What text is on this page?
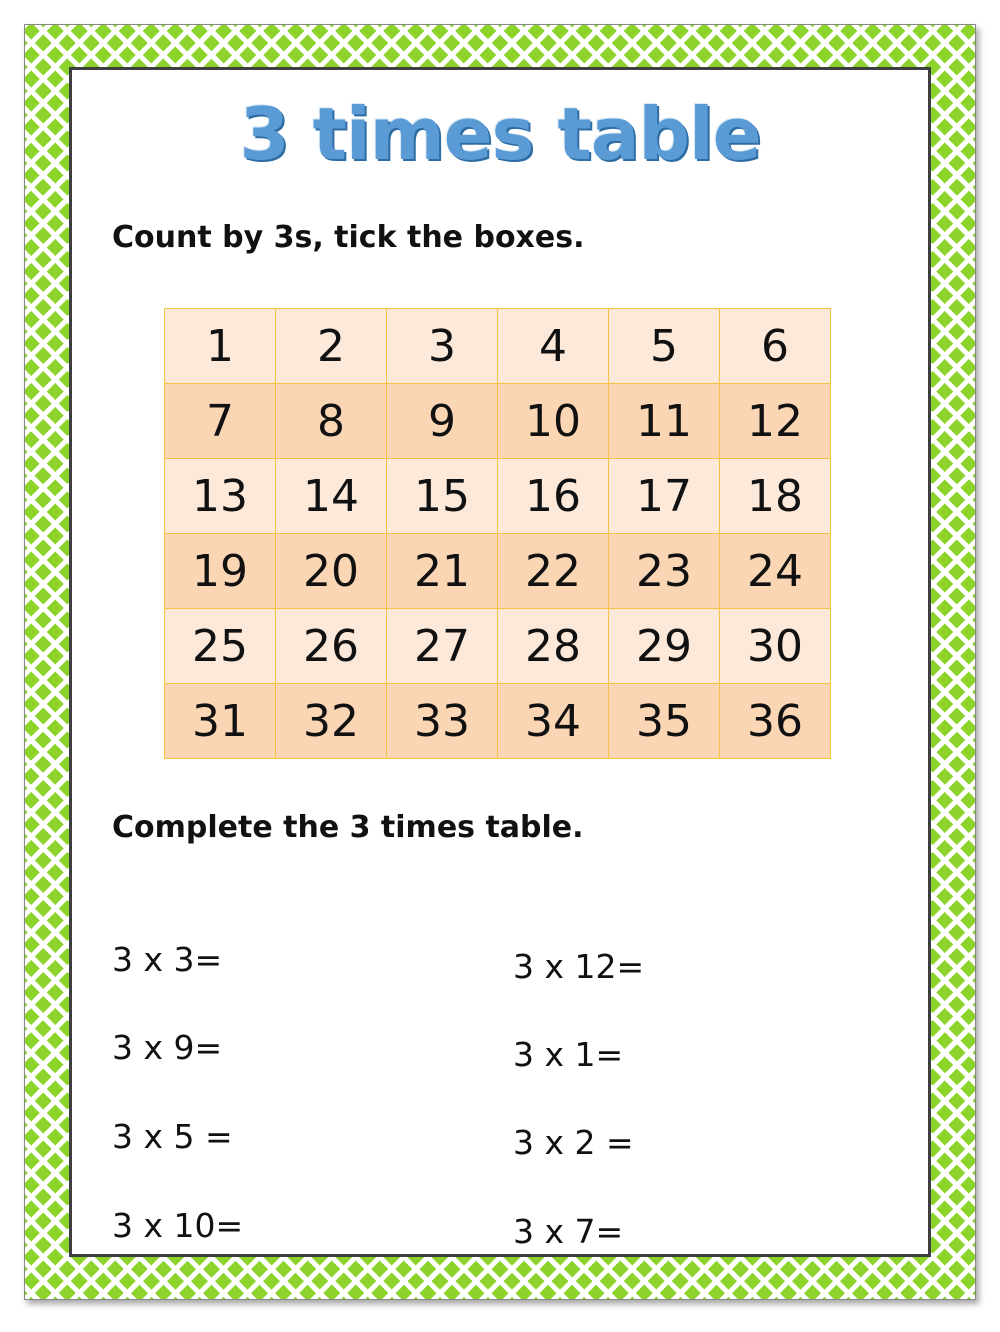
3 times table

Count by 3s, tick the boxes.

1	2	3	4	5	6
7	8	9	10	11	12
13	14	15	16	17	18
19	20	21	22	23	24
25	26	27	28	29	30
31	32	33	34	35	36

Complete the 3 times table.

3 x 3=
3 x 9=
3 x 5 =
3 x 10=
3 x 12=
3 x 1=
3 x 2 =
3 x 7=
